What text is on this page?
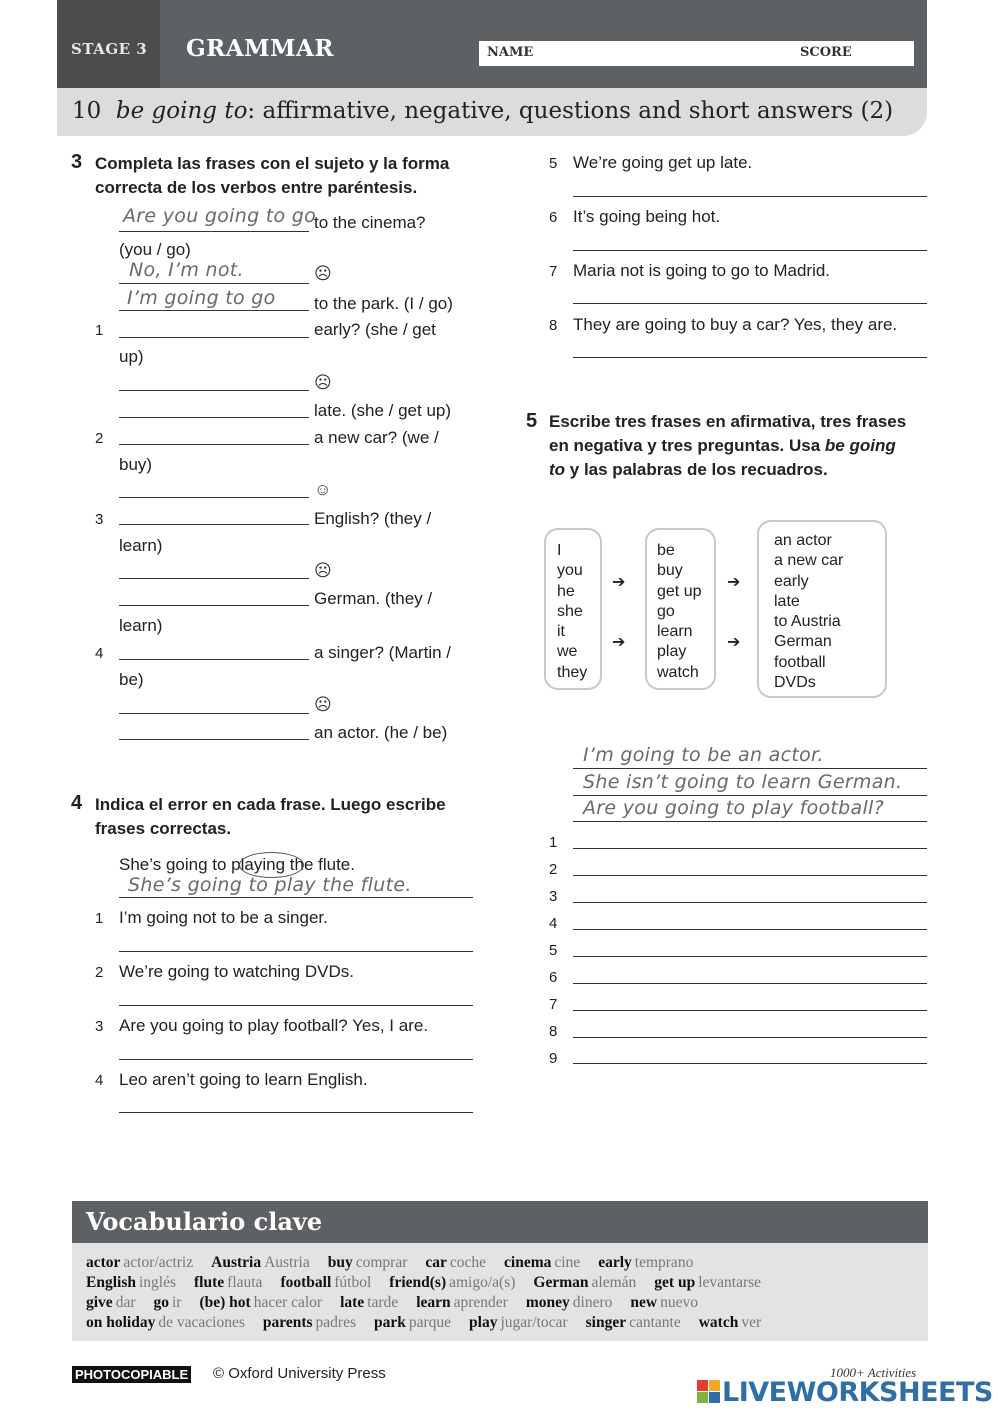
STAGE 3 GRAMMAR	NAME	SCORE
10 be going to: affirmative, negative, questions and short answers (2)
3 Completa las frases con el sujeto y la forma
correcta de los verbos entre paréntesis.
Are you going to go
to the cinema?
(you / go)
No, I’m not.	☹
I’m going to go to the park. (I / go)
1	early? (she / get
up)
☹
late. (she / get up)
2	a new car? (we /
buy)
☺
3	English? (they /
learn)
☹
German. (they /
learn)
4	a singer? (Martin /
be)
☹
an actor. (he / be)
4 Indica el error en cada frase. Luego escribe
frases correctas.
She’s going to playing the flute.
She’s going to play the flute.
1 I’m going not to be a singer.
2 We’re going to watching DVDs.
3 Are you going to play football? Yes, I are.
4 Leo aren’t going to learn English.
5 We’re going get up late.
6 It’s going being hot.
7 Maria not is going to go to Madrid.
8 They are going to buy a car? Yes, they are.
5 Escribe tres frases en afirmativa, tres frases
en negativa y tres preguntas. Usa be going
to y las palabras de los recuadros.
I
you
he
she
it
we
they
➔
➔
be
buy
get up
go
learn
play
watch
➔
➔
an actor
a new car
early
late
to Austria
German
football
DVDs
I’m going to be an actor.
She isn’t going to learn German.
Are you going to play football?
1
2
3
4
5
6
7
8
9
Vocabulario clave
actor actor/actriz Austria Austria buy comprar car coche cinema cine early temprano
English inglés flute flauta football fútbol friend(s) amigo/a(s) German alemán get up levantarse
give dar go ir (be) hot hacer calor late tarde learn aprender money dinero new nuevo
on holiday de vacaciones parents padres park parque play jugar/tocar singer cantante watch ver
PHOTOCOPIABLE © Oxford University Press	1000+ Activities
LIVEWORKSHEETS
